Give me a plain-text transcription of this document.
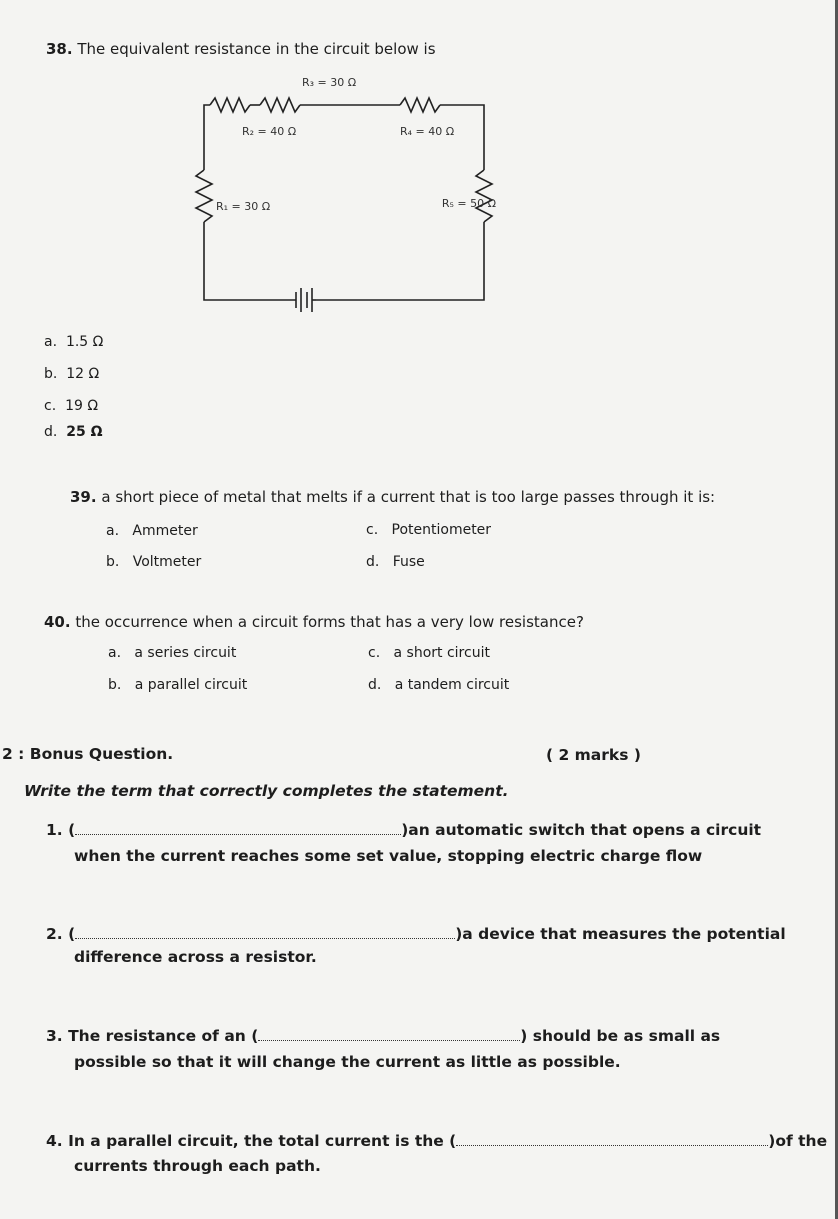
38. The equivalent resistance in the circuit below is
R₃ = 30 Ω
R₂ = 40 Ω	R₄ = 40 Ω
R₁ = 30 Ω	R₅ = 50 Ω
a. 1.5 Ω
b. 12 Ω
c. 19 Ω
d. 25 Ω
39. a short piece of metal that melts if a current that is too large passes through it is:
a. Ammeter
b. Voltmeter
c. Potentiometer
d. Fuse
40. the occurrence when a circuit forms that has a very low resistance?
a. a series circuit
b. a parallel circuit
c. a short circuit
d. a tandem circuit
2 : Bonus Question.	( 2 marks )
Write the term that correctly completes the statement.
1. (	)an automatic switch that opens a circuit
when the current reaches some set value, stopping electric charge flow
2. (	)a device that measures the potential
difference across a resistor.
3. The resistance of an (	) should be as small as
possible so that it will change the current as little as possible.
4. In a parallel circuit, the total current is the (	)of the
currents through each path.
